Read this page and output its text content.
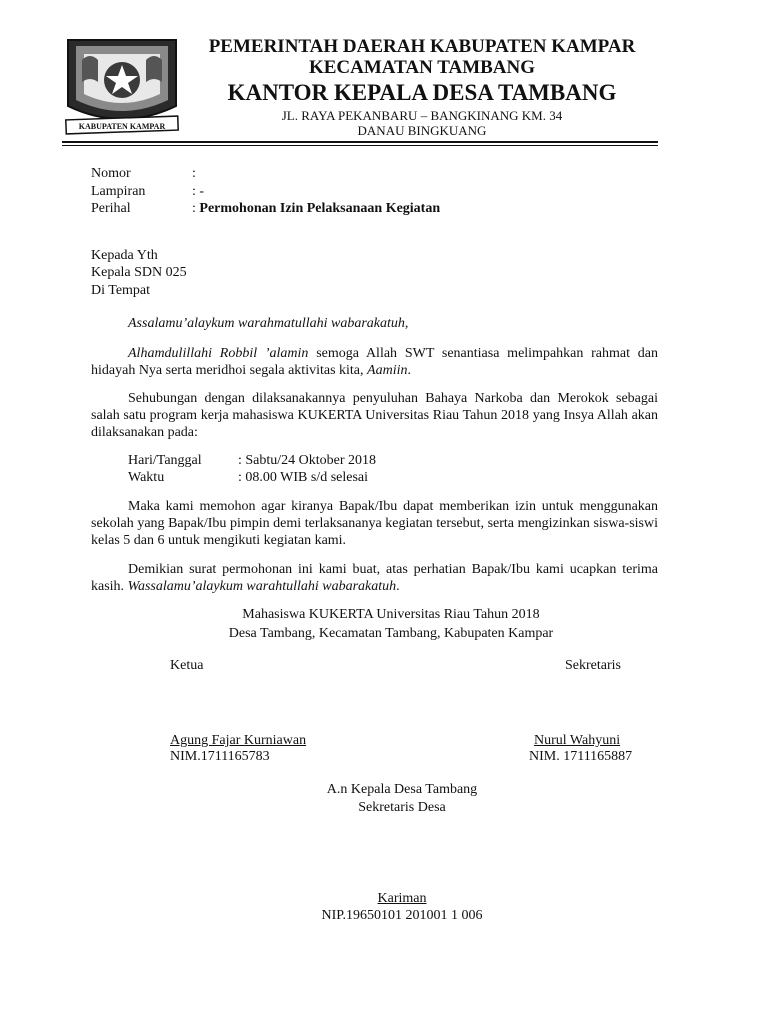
KABUPATEN KAMPAR
PEMERINTAH DAERAH KABUPATEN KAMPAR
KECAMATAN TAMBANG
KANTOR KEPALA DESA TAMBANG
JL. RAYA PEKANBARU – BANGKINANG KM. 34
DANAU BINGKUANG
Nomor	:
Lampiran	: -
Perihal	: Permohonan Izin Pelaksanaan Kegiatan
Kepada Yth
Kepala SDN 025
Di Tempat
Assalamu’alaykum warahmatullahi wabarakatuh,
Alhamdulillahi Robbil ’alamin semoga Allah SWT senantiasa melimpahkan rahmat dan hidayah Nya serta meridhoi segala aktivitas kita, Aamiin.
Sehubungan dengan dilaksanakannya penyuluhan Bahaya Narkoba dan Merokok sebagai salah satu program kerja mahasiswa KUKERTA Universitas Riau Tahun 2018 yang Insya Allah akan dilaksanakan pada:
Hari/Tanggal	: Sabtu/24 Oktober 2018
Waktu	: 08.00 WIB s/d selesai
Maka kami memohon agar kiranya Bapak/Ibu dapat memberikan izin untuk menggunakan sekolah yang Bapak/Ibu pimpin demi terlaksananya kegiatan tersebut, serta mengizinkan siswa-siswi kelas 5 dan 6 untuk mengikuti kegiatan kami.
Demikian surat permohonan ini kami buat, atas perhatian Bapak/Ibu kami ucapkan terima kasih. Wassalamu’alaykum warahtullahi wabarakatuh.
Mahasiswa KUKERTA Universitas Riau Tahun 2018
Desa Tambang, Kecamatan Tambang, Kabupaten Kampar
Ketua	Sekretaris
Agung Fajar Kurniawan
NIM.1711165783
Nurul Wahyuni
NIM. 1711165887
A.n Kepala Desa Tambang
Sekretaris Desa
Kariman
NIP.19650101 201001 1 006
